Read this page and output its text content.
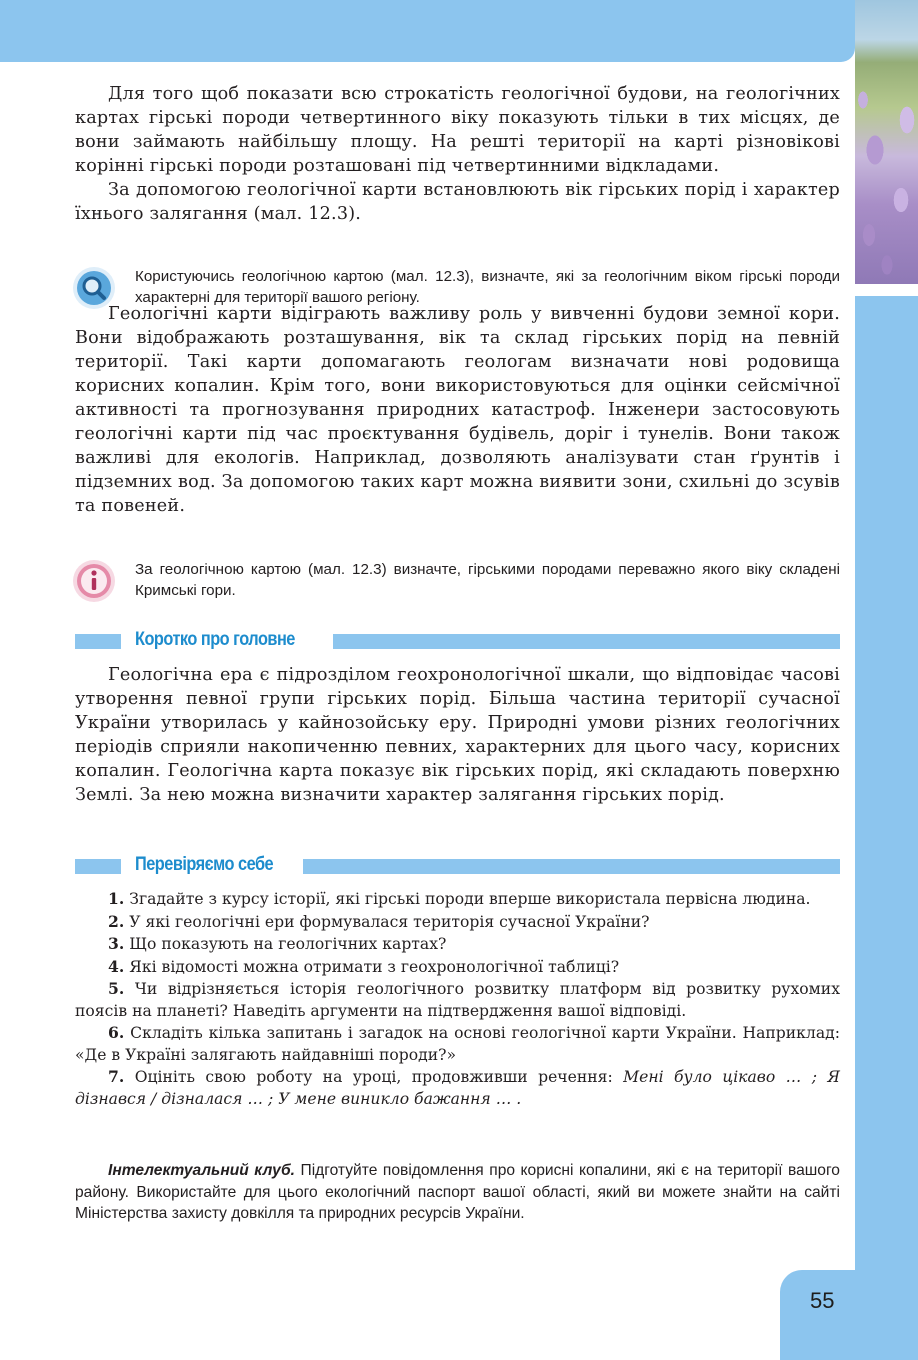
Для того щоб показати всю строкатість геологічної будови, на геологічних картах гірські породи четвертинного віку показують тільки в тих місцях, де вони займають найбільшу площу. На решті території на карті різновікові корінні гірські породи розташовані під четвертинними відкладами.

За допомогою геологічної карти встановлюють вік гірських порід і характер їхнього залягання (мал. 12.3).

Користуючись геологічною картою (мал. 12.3), визначте, які за геологічним віком гірські породи характерні для території вашого регіону.

Геологічні карти відіграють важливу роль у вивченні будови земної кори. Вони відображають розташування, вік та склад гірських порід на певній території. Такі карти допомагають геологам визначати нові родовища корисних копалин. Крім того, вони використовуються для оцінки сейсмічної активності та прогнозування природних катастроф. Інженери застосовують геологічні карти під час проєктування будівель, доріг і тунелів. Вони також важливі для екологів. Наприклад, дозволяють аналізувати стан ґрунтів і підземних вод. За допомогою таких карт можна виявити зони, схильні до зсувів та повеней.

За геологічною картою (мал. 12.3) визначте, гірськими породами переважно якого віку складені Кримські гори.
Коротко про головне

Геологічна ера є підрозділом геохронологічної шкали, що відповідає часові утворення певної групи гірських порід. Більша частина території сучасної України утворилась у кайнозойську еру. Природні умови різних геологічних періодів сприяли накопиченню певних, характерних для цього часу, корисних копалин. Геологічна карта показує вік гірських порід, які складають поверхню Землі. За нею можна визначити характер залягання гірських порід.

Перевіряємо себе
1. Згадайте з курсу історії, які гірські породи вперше використала первісна людина.
2. У які геологічні ери формувалася територія сучасної України?
3. Що показують на геологічних картах?
4. Які відомості можна отримати з геохронологічної таблиці?
5. Чи відрізняється історія геологічного розвитку платформ від розвитку рухомих поясів на планеті? Наведіть аргументи на підтвердження вашої відповіді.
6. Складіть кілька запитань і загадок на основі геологічної карти України. Наприклад: «Де в Україні залягають найдавніші породи?»
7. Оцініть свою роботу на уроці, продовживши речення: Мені було цікаво … ; Я дізнався / дізналася … ; У мене виникло бажання … .
Інтелектуальний клуб. Підготуйте повідомлення про корисні копалини, які є на території вашого району. Використайте для цього екологічний паспорт вашої області, який ви можете знайти на сайті Міністерства захисту довкілля та природних ресурсів України.
55
